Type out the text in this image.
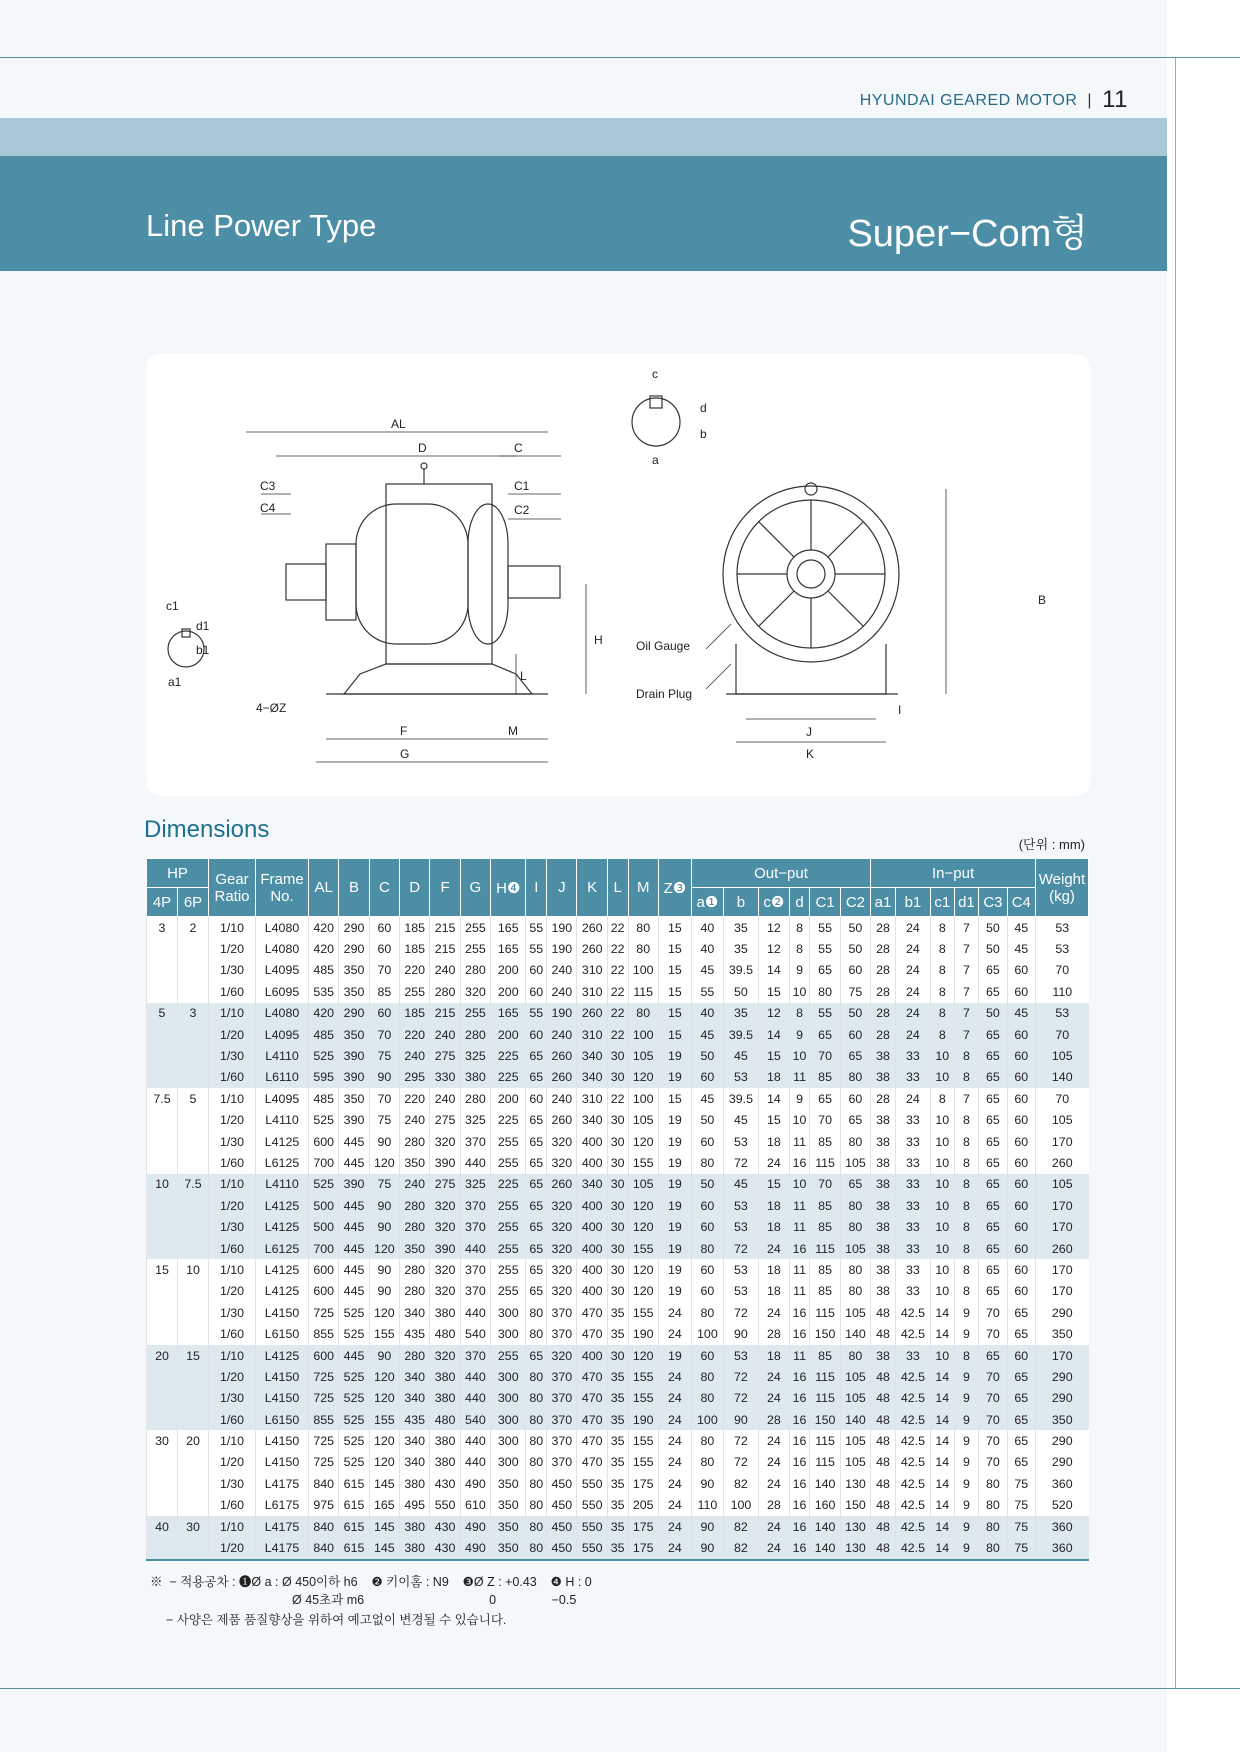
HYUNDAI GEARED MOTOR | 11
Line Power Type	Super−Com형
AL
D	C
C3	C1
C4	C2
c1
b1
d1
a1
4−ØZ
H
L
F	M
G
c
d
b
a
B
I
J
K
Oil Gauge
Drain Plug
Dimensions
(단위 : mm)
HP		Gear Ratio	Frame No.	AL	B	C	D	F	G	H❹	I	J	K	L	M	Z❸	Out−put						In−put						Weight (kg)
4P	6P																a❶	b	c❷	d	C1	C2	a1	b1	c1	d1	C3	C4	
3	2	1/10	L4080	420	290	60	185	215	255	165	55	190	260	22	80	15	40	35	12	8	55	50	28	24	8	7	50	45	53
		1/20	L4080	420	290	60	185	215	255	165	55	190	260	22	80	15	40	35	12	8	55	50	28	24	8	7	50	45	53
		1/30	L4095	485	350	70	220	240	280	200	60	240	310	22	100	15	45	39.5	14	9	65	60	28	24	8	7	65	60	70
		1/60	L6095	535	350	85	255	280	320	200	60	240	310	22	115	15	55	50	15	10	80	75	28	24	8	7	65	60	110
5	3	1/10	L4080	420	290	60	185	215	255	165	55	190	260	22	80	15	40	35	12	8	55	50	28	24	8	7	50	45	53
		1/20	L4095	485	350	70	220	240	280	200	60	240	310	22	100	15	45	39.5	14	9	65	60	28	24	8	7	65	60	70
		1/30	L4110	525	390	75	240	275	325	225	65	260	340	30	105	19	50	45	15	10	70	65	38	33	10	8	65	60	105
		1/60	L6110	595	390	90	295	330	380	225	65	260	340	30	120	19	60	53	18	11	85	80	38	33	10	8	65	60	140
7.5	5	1/10	L4095	485	350	70	220	240	280	200	60	240	310	22	100	15	45	39.5	14	9	65	60	28	24	8	7	65	60	70
		1/20	L4110	525	390	75	240	275	325	225	65	260	340	30	105	19	50	45	15	10	70	65	38	33	10	8	65	60	105
		1/30	L4125	600	445	90	280	320	370	255	65	320	400	30	120	19	60	53	18	11	85	80	38	33	10	8	65	60	170
		1/60	L6125	700	445	120	350	390	440	255	65	320	400	30	155	19	80	72	24	16	115	105	38	33	10	8	65	60	260
10	7.5	1/10	L4110	525	390	75	240	275	325	225	65	260	340	30	105	19	50	45	15	10	70	65	38	33	10	8	65	60	105
		1/20	L4125	500	445	90	280	320	370	255	65	320	400	30	120	19	60	53	18	11	85	80	38	33	10	8	65	60	170
		1/30	L4125	500	445	90	280	320	370	255	65	320	400	30	120	19	60	53	18	11	85	80	38	33	10	8	65	60	170
		1/60	L6125	700	445	120	350	390	440	255	65	320	400	30	155	19	80	72	24	16	115	105	38	33	10	8	65	60	260
15	10	1/10	L4125	600	445	90	280	320	370	255	65	320	400	30	120	19	60	53	18	11	85	80	38	33	10	8	65	60	170
		1/20	L4125	600	445	90	280	320	370	255	65	320	400	30	120	19	60	53	18	11	85	80	38	33	10	8	65	60	170
		1/30	L4150	725	525	120	340	380	440	300	80	370	470	35	155	24	80	72	24	16	115	105	48	42.5	14	9	70	65	290
		1/60	L6150	855	525	155	435	480	540	300	80	370	470	35	190	24	100	90	28	16	150	140	48	42.5	14	9	70	65	350
20	15	1/10	L4125	600	445	90	280	320	370	255	65	320	400	30	120	19	60	53	18	11	85	80	38	33	10	8	65	60	170
		1/20	L4150	725	525	120	340	380	440	300	80	370	470	35	155	24	80	72	24	16	115	105	48	42.5	14	9	70	65	290
		1/30	L4150	725	525	120	340	380	440	300	80	370	470	35	155	24	80	72	24	16	115	105	48	42.5	14	9	70	65	290
		1/60	L6150	855	525	155	435	480	540	300	80	370	470	35	190	24	100	90	28	16	150	140	48	42.5	14	9	70	65	350
30	20	1/10	L4150	725	525	120	340	380	440	300	80	370	470	35	155	24	80	72	24	16	115	105	48	42.5	14	9	70	65	290
		1/20	L4150	725	525	120	340	380	440	300	80	370	470	35	155	24	80	72	24	16	115	105	48	42.5	14	9	70	65	290
		1/30	L4175	840	615	145	380	430	490	350	80	450	550	35	175	24	90	82	24	16	140	130	48	42.5	14	9	80	75	360
		1/60	L6175	975	615	165	495	550	610	350	80	450	550	35	205	24	110	100	28	16	160	150	48	42.5	14	9	80	75	520
40	30	1/10	L4175	840	615	145	380	430	490	350	80	450	550	35	175	24	90	82	24	16	140	130	48	42.5	14	9	80	75	360
		1/20	L4175	840	615	145	380	430	490	350	80	450	550	35	175	24	90	82	24	16	140	130	48	42.5	14	9	80	75	360
※  − 적용공차 : ❶Ø a : Ø 450이하 h6    ❷ 키이홈 : N9    ❸Ø Z : +0.43    ❹ H : 0
Ø 45초과 m6                                    0                −0.5
− 사양은 제품 품질향상을 위하여 예고없이 변경될 수 있습니다.
